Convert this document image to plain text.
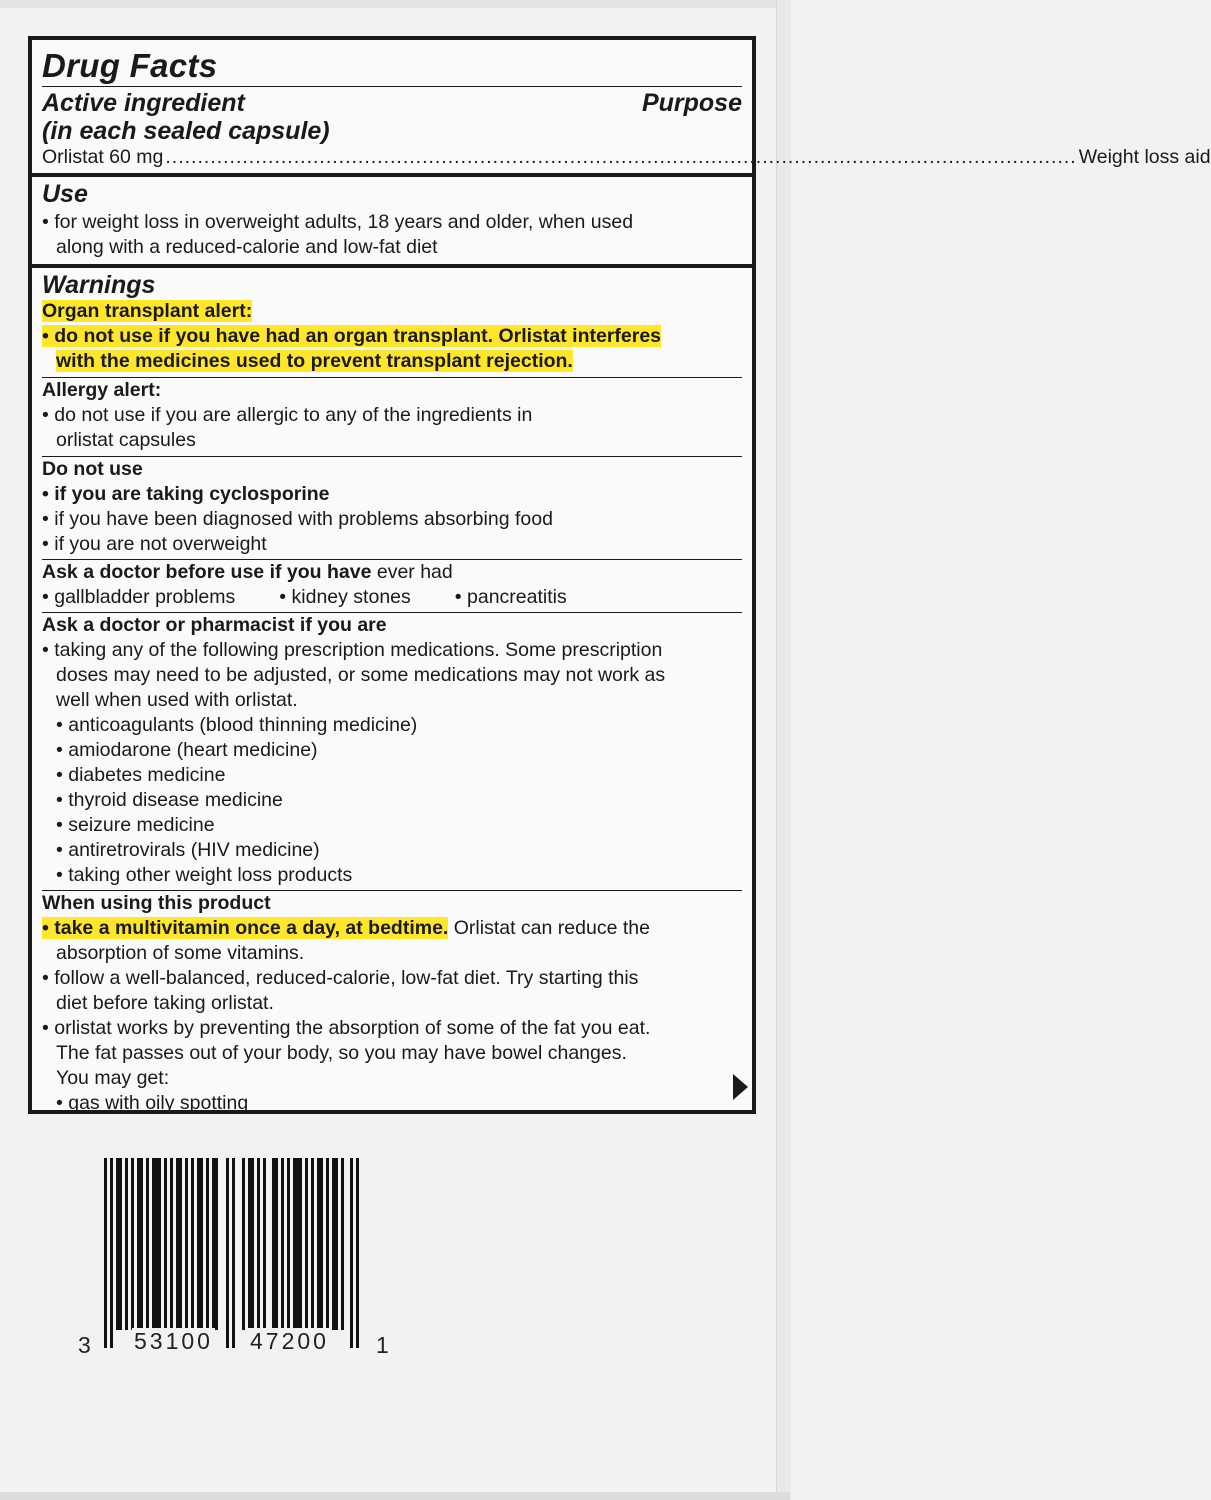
Drug Facts
Active ingredient	Purpose
(in each sealed capsule)
Orlistat 60 mg .............................................................................................................................................. Weight loss aid
Use
• for weight loss in overweight adults, 18 years and older, when used
along with a reduced-calorie and low-fat diet
Warnings
Organ transplant alert:
• do not use if you have had an organ transplant. Orlistat interferes
with the medicines used to prevent transplant rejection.
Allergy alert:
• do not use if you are allergic to any of the ingredients in
orlistat capsules
Do not use
• if you are taking cyclosporine
• if you have been diagnosed with problems absorbing food
• if you are not overweight
Ask a doctor before use if you have ever had
• gallbladder problems • kidney stones • pancreatitis
Ask a doctor or pharmacist if you are
• taking any of the following prescription medications. Some prescription
doses may need to be adjusted, or some medications may not work as
well when used with orlistat.
• anticoagulants (blood thinning medicine)
• amiodarone (heart medicine)
• diabetes medicine
• thyroid disease medicine
• seizure medicine
• antiretrovirals (HIV medicine)
• taking other weight loss products
When using this product
• take a multivitamin once a day, at bedtime. Orlistat can reduce the
absorption of some vitamins.
• follow a well-balanced, reduced-calorie, low-fat diet. Try starting this
diet before taking orlistat.
• orlistat works by preventing the absorption of some of the fat you eat.
The fat passes out of your body, so you may have bowel changes.
You may get:
• gas with oily spotting
3 53100 47200 1
